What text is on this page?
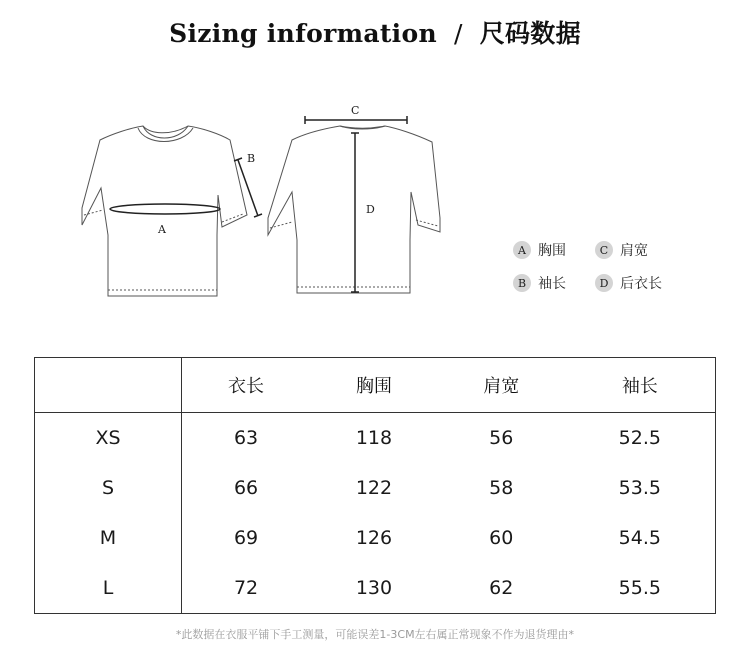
Sizing information / 尺码数据
A
B
C
D
A 胸围	C 肩宽
B 袖长	D 后衣长
	衣长	胸围	肩宽	袖长
XS	63	118	56	52.5
S	66	122	58	53.5
M	69	126	60	54.5
L	72	130	62	55.5
*此数据在衣服平铺下手工测量，可能误差1-3CM左右属正常现象不作为退货理由*
